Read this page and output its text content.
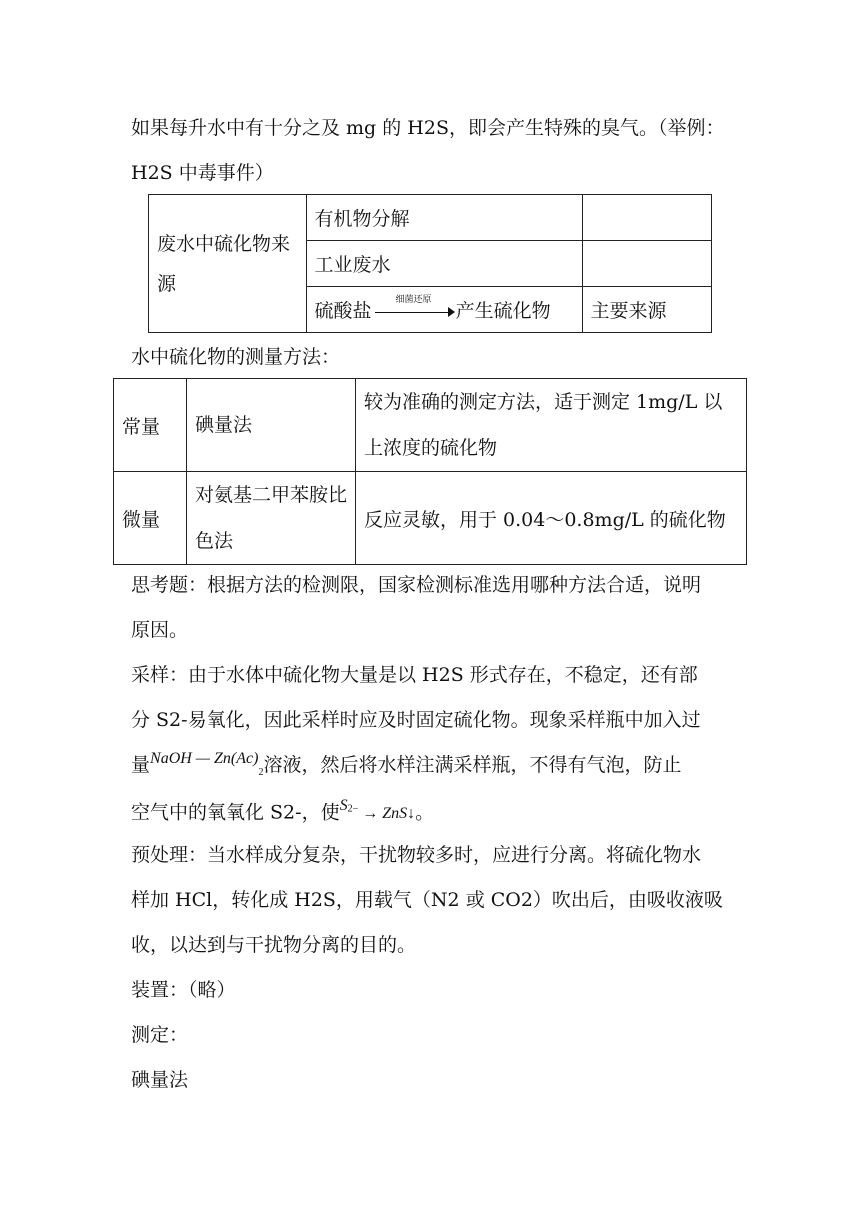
如果每升水中有十分之及 mg 的 H2S，即会产生特殊的臭气。（举例：
H2S 中毒事件）
废水中硫化物来源	有机物分解	
	工业废水	
	硫酸盐 细菌还原 产生硫化物	主要来源
水中硫化物的测量方法：
常量	碘量法	较为准确的测定方法，适于测定 1mg/L 以上浓度的硫化物
微量	对氨基二甲苯胺比色法	反应灵敏，用于 0.04～0.8mg/L 的硫化物
思考题：根据方法的检测限，国家检测标准选用哪种方法合适，说明
原因。
采样：由于水体中硫化物大量是以 H2S 形式存在，不稳定，还有部
分 S2-易氧化，因此采样时应及时固定硫化物。现象采样瓶中加入过
量NaOH — $Zn(Ac)_2$溶液，然后将水样注满采样瓶，不得有气泡，防止
空气中的氧氧化 S2-，使$S^{2-}$ → ZnS↓。
预处理：当水样成分复杂，干扰物较多时，应进行分离。将硫化物水
样加 HCl，转化成 H2S，用载气（N2 或 CO2）吹出后，由吸收液吸
收，以达到与干扰物分离的目的。
装置：（略）
测定：
碘量法
